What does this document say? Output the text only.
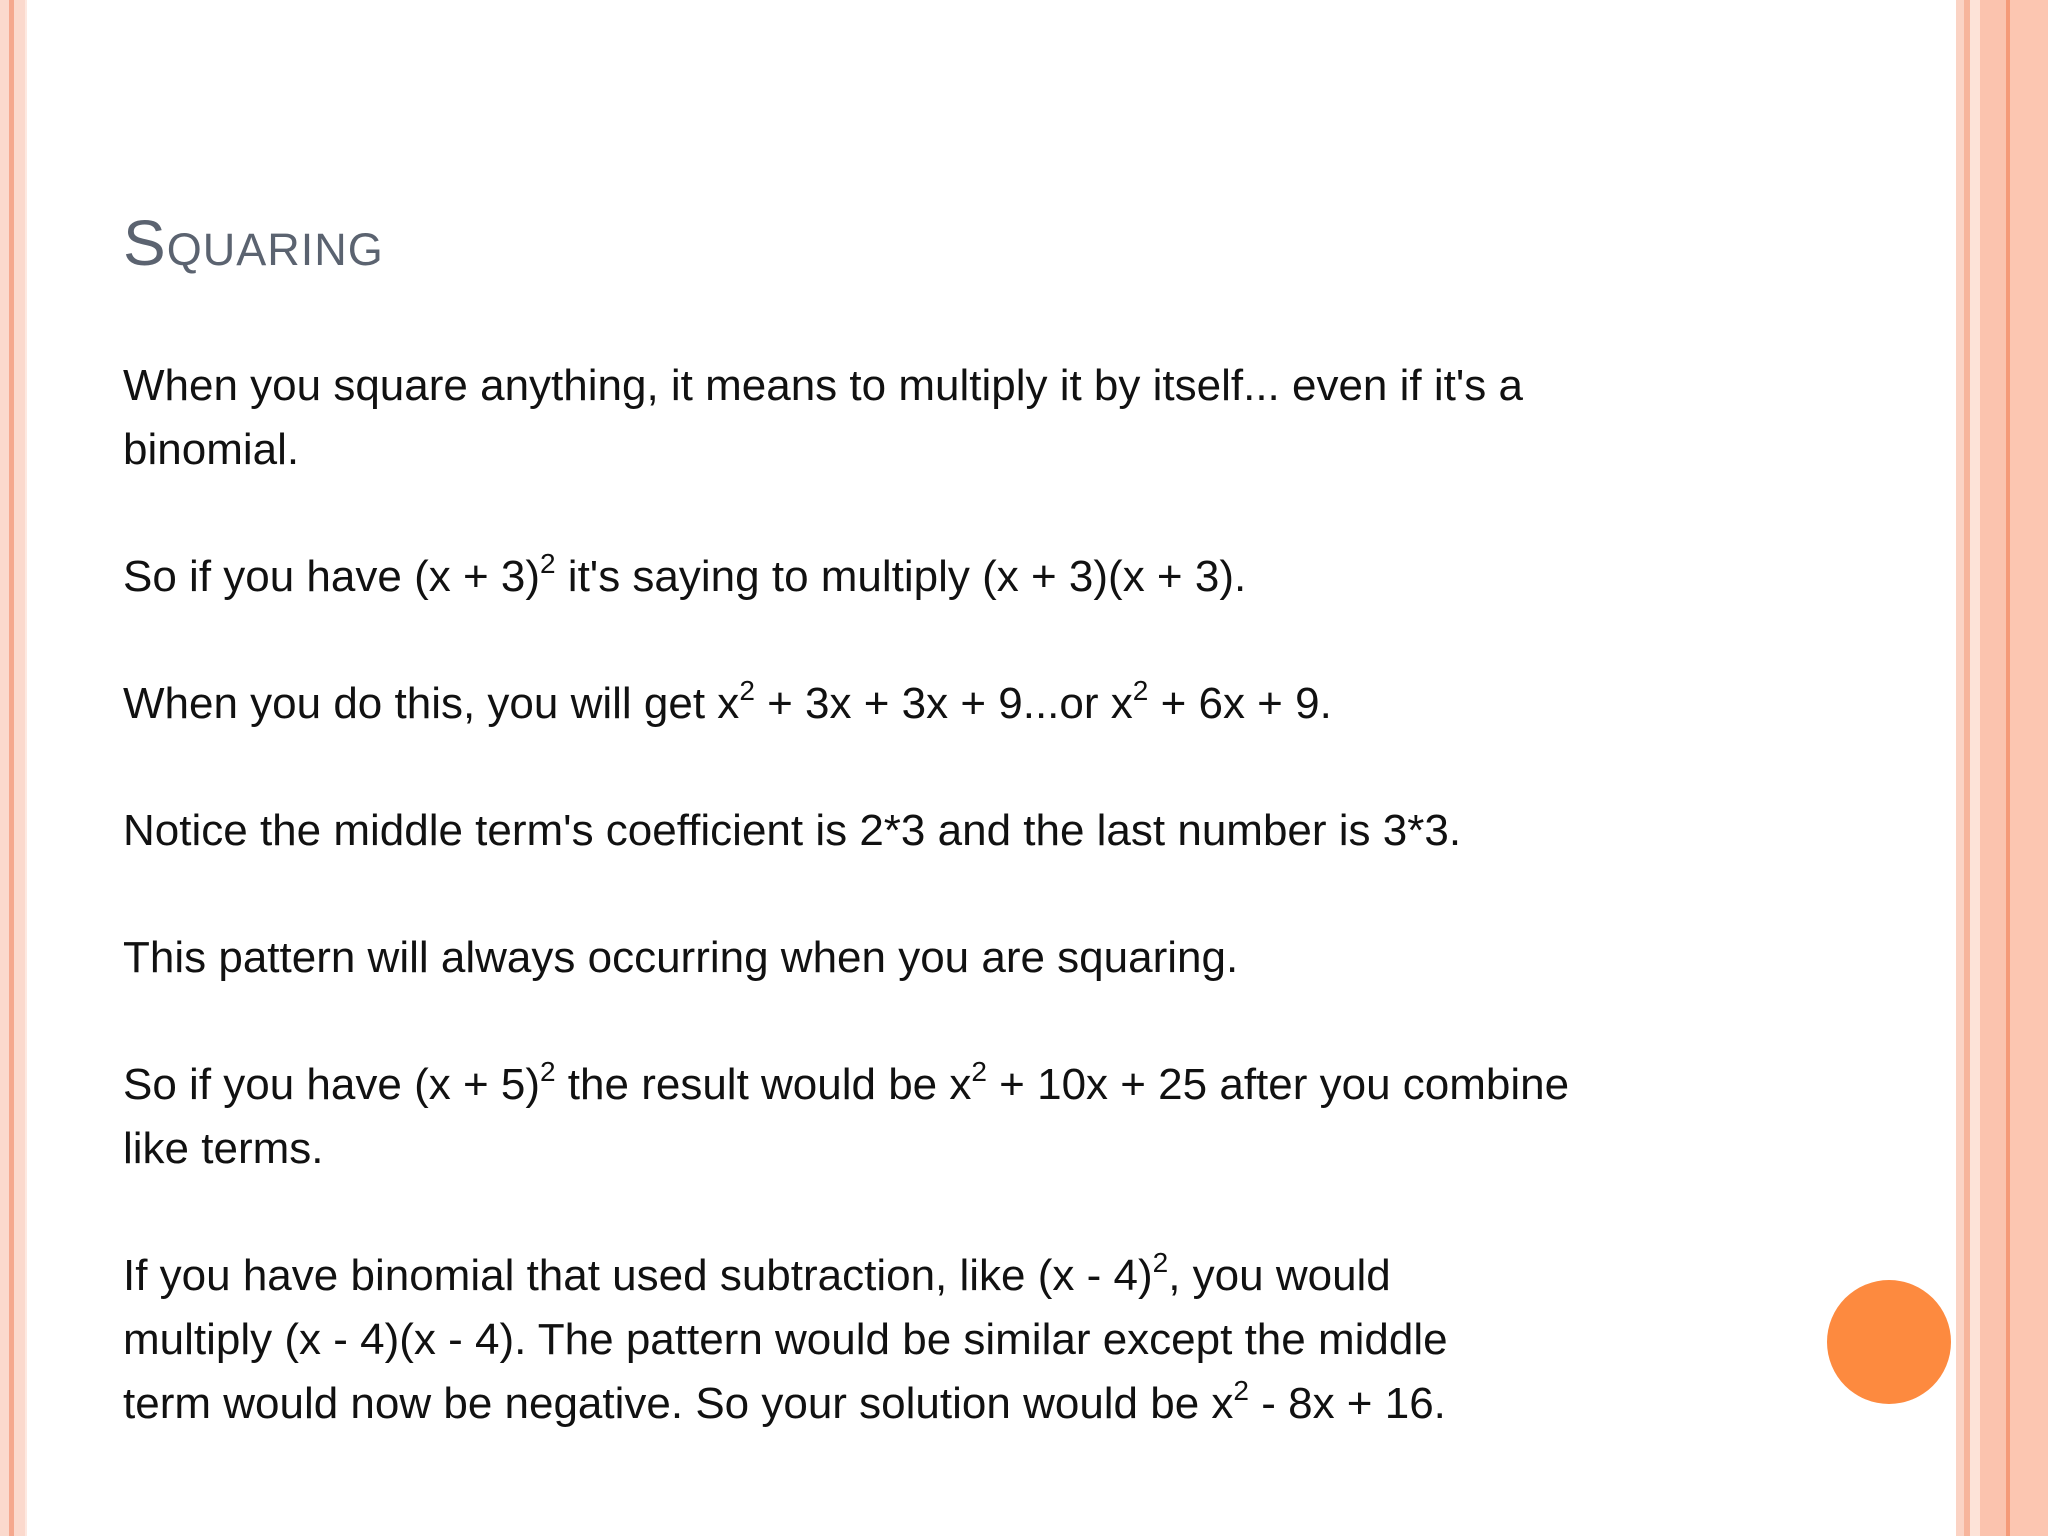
Squaring

When you square anything, it means to multiply it by itself... even if it's a
binomial.

So if you have $(x + 3)^2$ it's saying to multiply (x + 3)(x + 3).

When you do this, you will get $x^2 + 3x + 3x + 9...or$ $x^2 + 6x + 9$.

Notice the middle term's coefficient is 2*3 and the last number is 3*3.

This pattern will always occurring when you are squaring.

So if you have $(x + 5)^2$ the result would be $x^2 + 10x + 25$ after you combine
like terms.

If you have binomial that used subtraction, like (x - 4)$^2$, you would
multiply (x - 4)(x - 4). The pattern would be similar except the middle
term would now be negative. So your solution would be $x^2 - 8x + 16$.
